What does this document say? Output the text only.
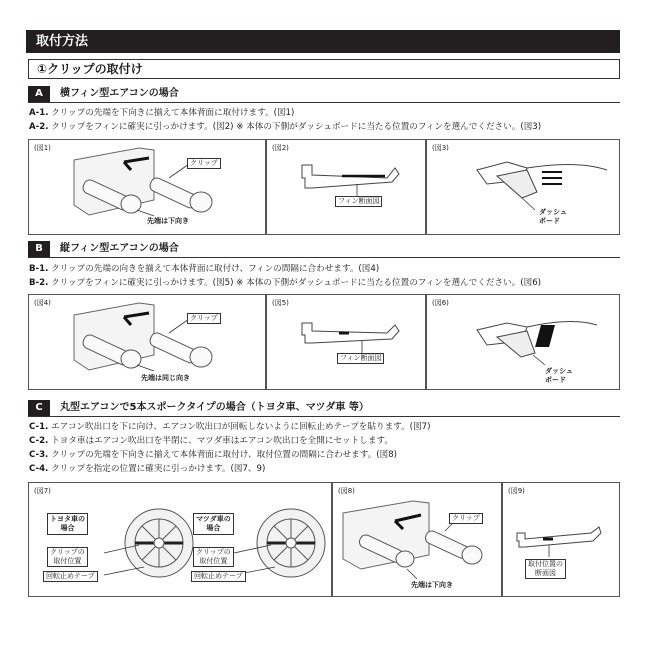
取付方法
①クリップの取付け
A	横フィン型エアコンの場合
A-1. クリップの先端を下向きに揃えて本体背面に取付けます。(図1)
A-2. クリップをフィンに確実に引っかけます。(図2) ※ 本体の下側がダッシュボードに当たる位置のフィンを選んでください。(図3)
(図1)
クリップ
先端は下向き
(図2)
フィン断面図
(図3)
ダッシュ
ボード
B	縦フィン型エアコンの場合
B-1. クリップの先端の向きを揃えて本体背面に取付け、フィンの間隔に合わせます。(図4)
B-2. クリップをフィンに確実に引っかけます。(図5) ※ 本体の下側がダッシュボードに当たる位置のフィンを選んでください。(図6)
(図4)
クリップ
先端は同じ向き
(図5)
フィン断面図
(図6)
ダッシュ
ボード
C	丸型エアコンで5本スポークタイプの場合（トヨタ車、マツダ車 等）
C-1. エアコン吹出口を下に向け、エアコン吹出口が回転しないように回転止めテープを貼ります。(図7)
C-2. トヨタ車はエアコン吹出口を半閉に、マツダ車はエアコン吹出口を全開にセットします。
C-3. クリップの先端を下向きに揃えて本体背面に取付け、取付位置の間隔に合わせます。(図8)
C-4. クリップを指定の位置に確実に引っかけます。(図7、9)
(図7)
トヨタ車の
場合
クリップの
取付位置
回転止めテープ
マツダ車の
場合
クリップの
取付位置
回転止めテープ
(図8)
クリップ
先端は下向き
(図9)
取付位置の
断面図
